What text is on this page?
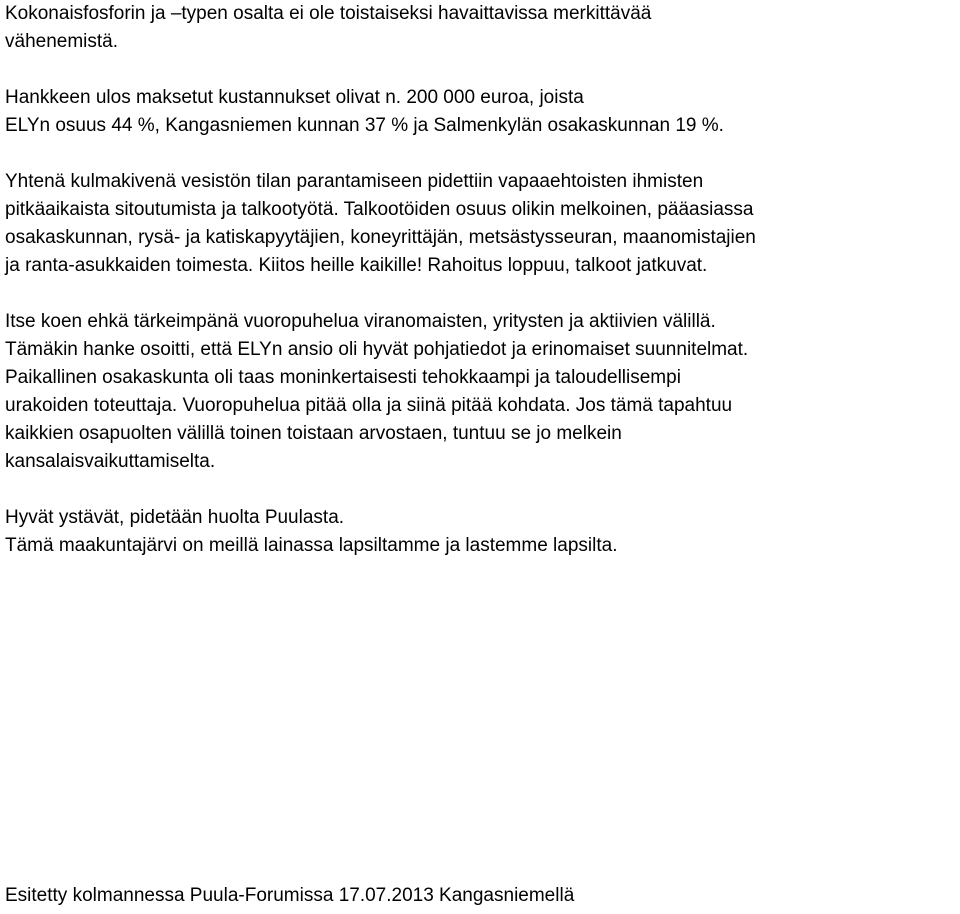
Kokonaisfosforin ja –typen osalta ei ole toistaiseksi havaittavissa merkittävää
vähenemistä.
Hankkeen ulos maksetut kustannukset olivat n. 200 000 euroa, joista
ELYn osuus 44 %, Kangasniemen kunnan 37 % ja Salmenkylän osakaskunnan 19 %.
Yhtenä kulmakivenä vesistön tilan parantamiseen pidettiin vapaaehtoisten ihmisten
pitkäaikaista sitoutumista ja talkootyötä. Talkootöiden osuus olikin melkoinen, pääasiassa
osakaskunnan, rysä- ja katiskapyytäjien, koneyrittäjän, metsästysseuran, maanomistajien
ja ranta-asukkaiden toimesta. Kiitos heille kaikille! Rahoitus loppuu, talkoot jatkuvat.
Itse koen ehkä tärkeimpänä vuoropuhelua viranomaisten, yritysten ja aktiivien välillä.
Tämäkin hanke osoitti, että ELYn ansio oli hyvät pohjatiedot ja erinomaiset suunnitelmat.
Paikallinen osakaskunta oli taas moninkertaisesti tehokkaampi ja taloudellisempi
urakoiden toteuttaja. Vuoropuhelua pitää olla ja siinä pitää kohdata. Jos tämä tapahtuu
kaikkien osapuolten välillä toinen toistaan arvostaen, tuntuu se jo melkein
kansalaisvaikuttamiselta.
Hyvät ystävät, pidetään huolta Puulasta.
Tämä maakuntajärvi on meillä lainassa lapsiltamme ja lastemme lapsilta.
Esitetty kolmannessa Puula-Forumissa 17.07.2013 Kangasniemellä
